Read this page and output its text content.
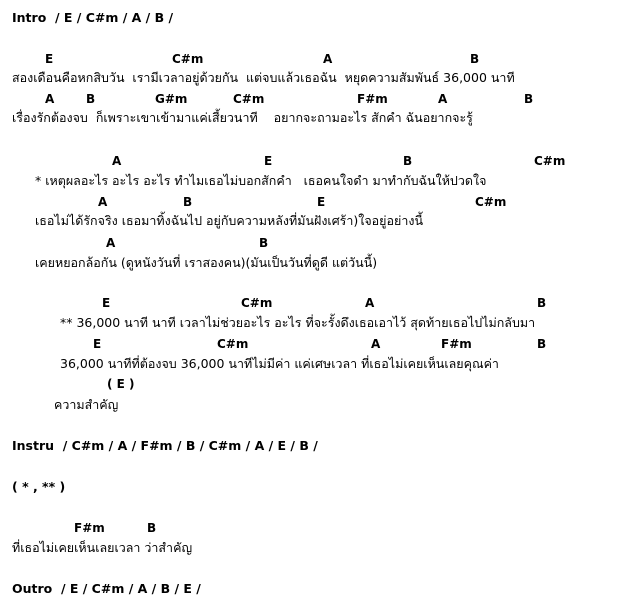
Intro  / E / C#m / A / B /
E	C#m	A	B
สองเดือนคือหกสิบวัน  เรามีเวลาอยู่ด้วยกัน  แต่จบแล้วเธอฉัน  หยุดความสัมพันธ์ 36,000 นาที
A	B	G#m	C#m	F#m	A	B
เรื่องรักต้องจบ  ก็เพราะเขาเข้ามาแค่เสี้ยวนาที    อยากจะถามอะไร สักคำ ฉันอยากจะรู้
A	E	B	C#m
* เหตุผลอะไร อะไร อะไร ทำไมเธอไม่บอกสักคำ   เธอคนใจดำ มาทำกับฉันให้ปวดใจ
A	B	E	C#m
เธอไม่ได้รักจริง เธอมาทิ้งฉันไป อยู่กับความหลังที่มันฝังเศร้า)ใจอยู่อย่างนี้
A	B
เคยหยอกล้อกัน (ดูหนังวันที่ เราสองคน)(มันเป็นวันที่ดูดี แต่วันนี้)
E	C#m	A	B
** 36,000 นาที นาที เวลาไม่ช่วยอะไร อะไร ที่จะรั้งดึงเธอเอาไว้ สุดท้ายเธอไปไม่กลับมา
E	C#m	A	F#m	B
36,000 นาทีที่ต้องจบ 36,000 นาทีไม่มีค่า แค่เศษเวลา ที่เธอไม่เคยเห็นเลยคุณค่า
( E )
ความสำคัญ
Instru  / C#m / A / F#m / B / C#m / A / E / B /
( * , ** )
F#m	B
ที่เธอไม่เคยเห็นเลยเวลา ว่าสำคัญ
Outro  / E / C#m / A / B / E /
